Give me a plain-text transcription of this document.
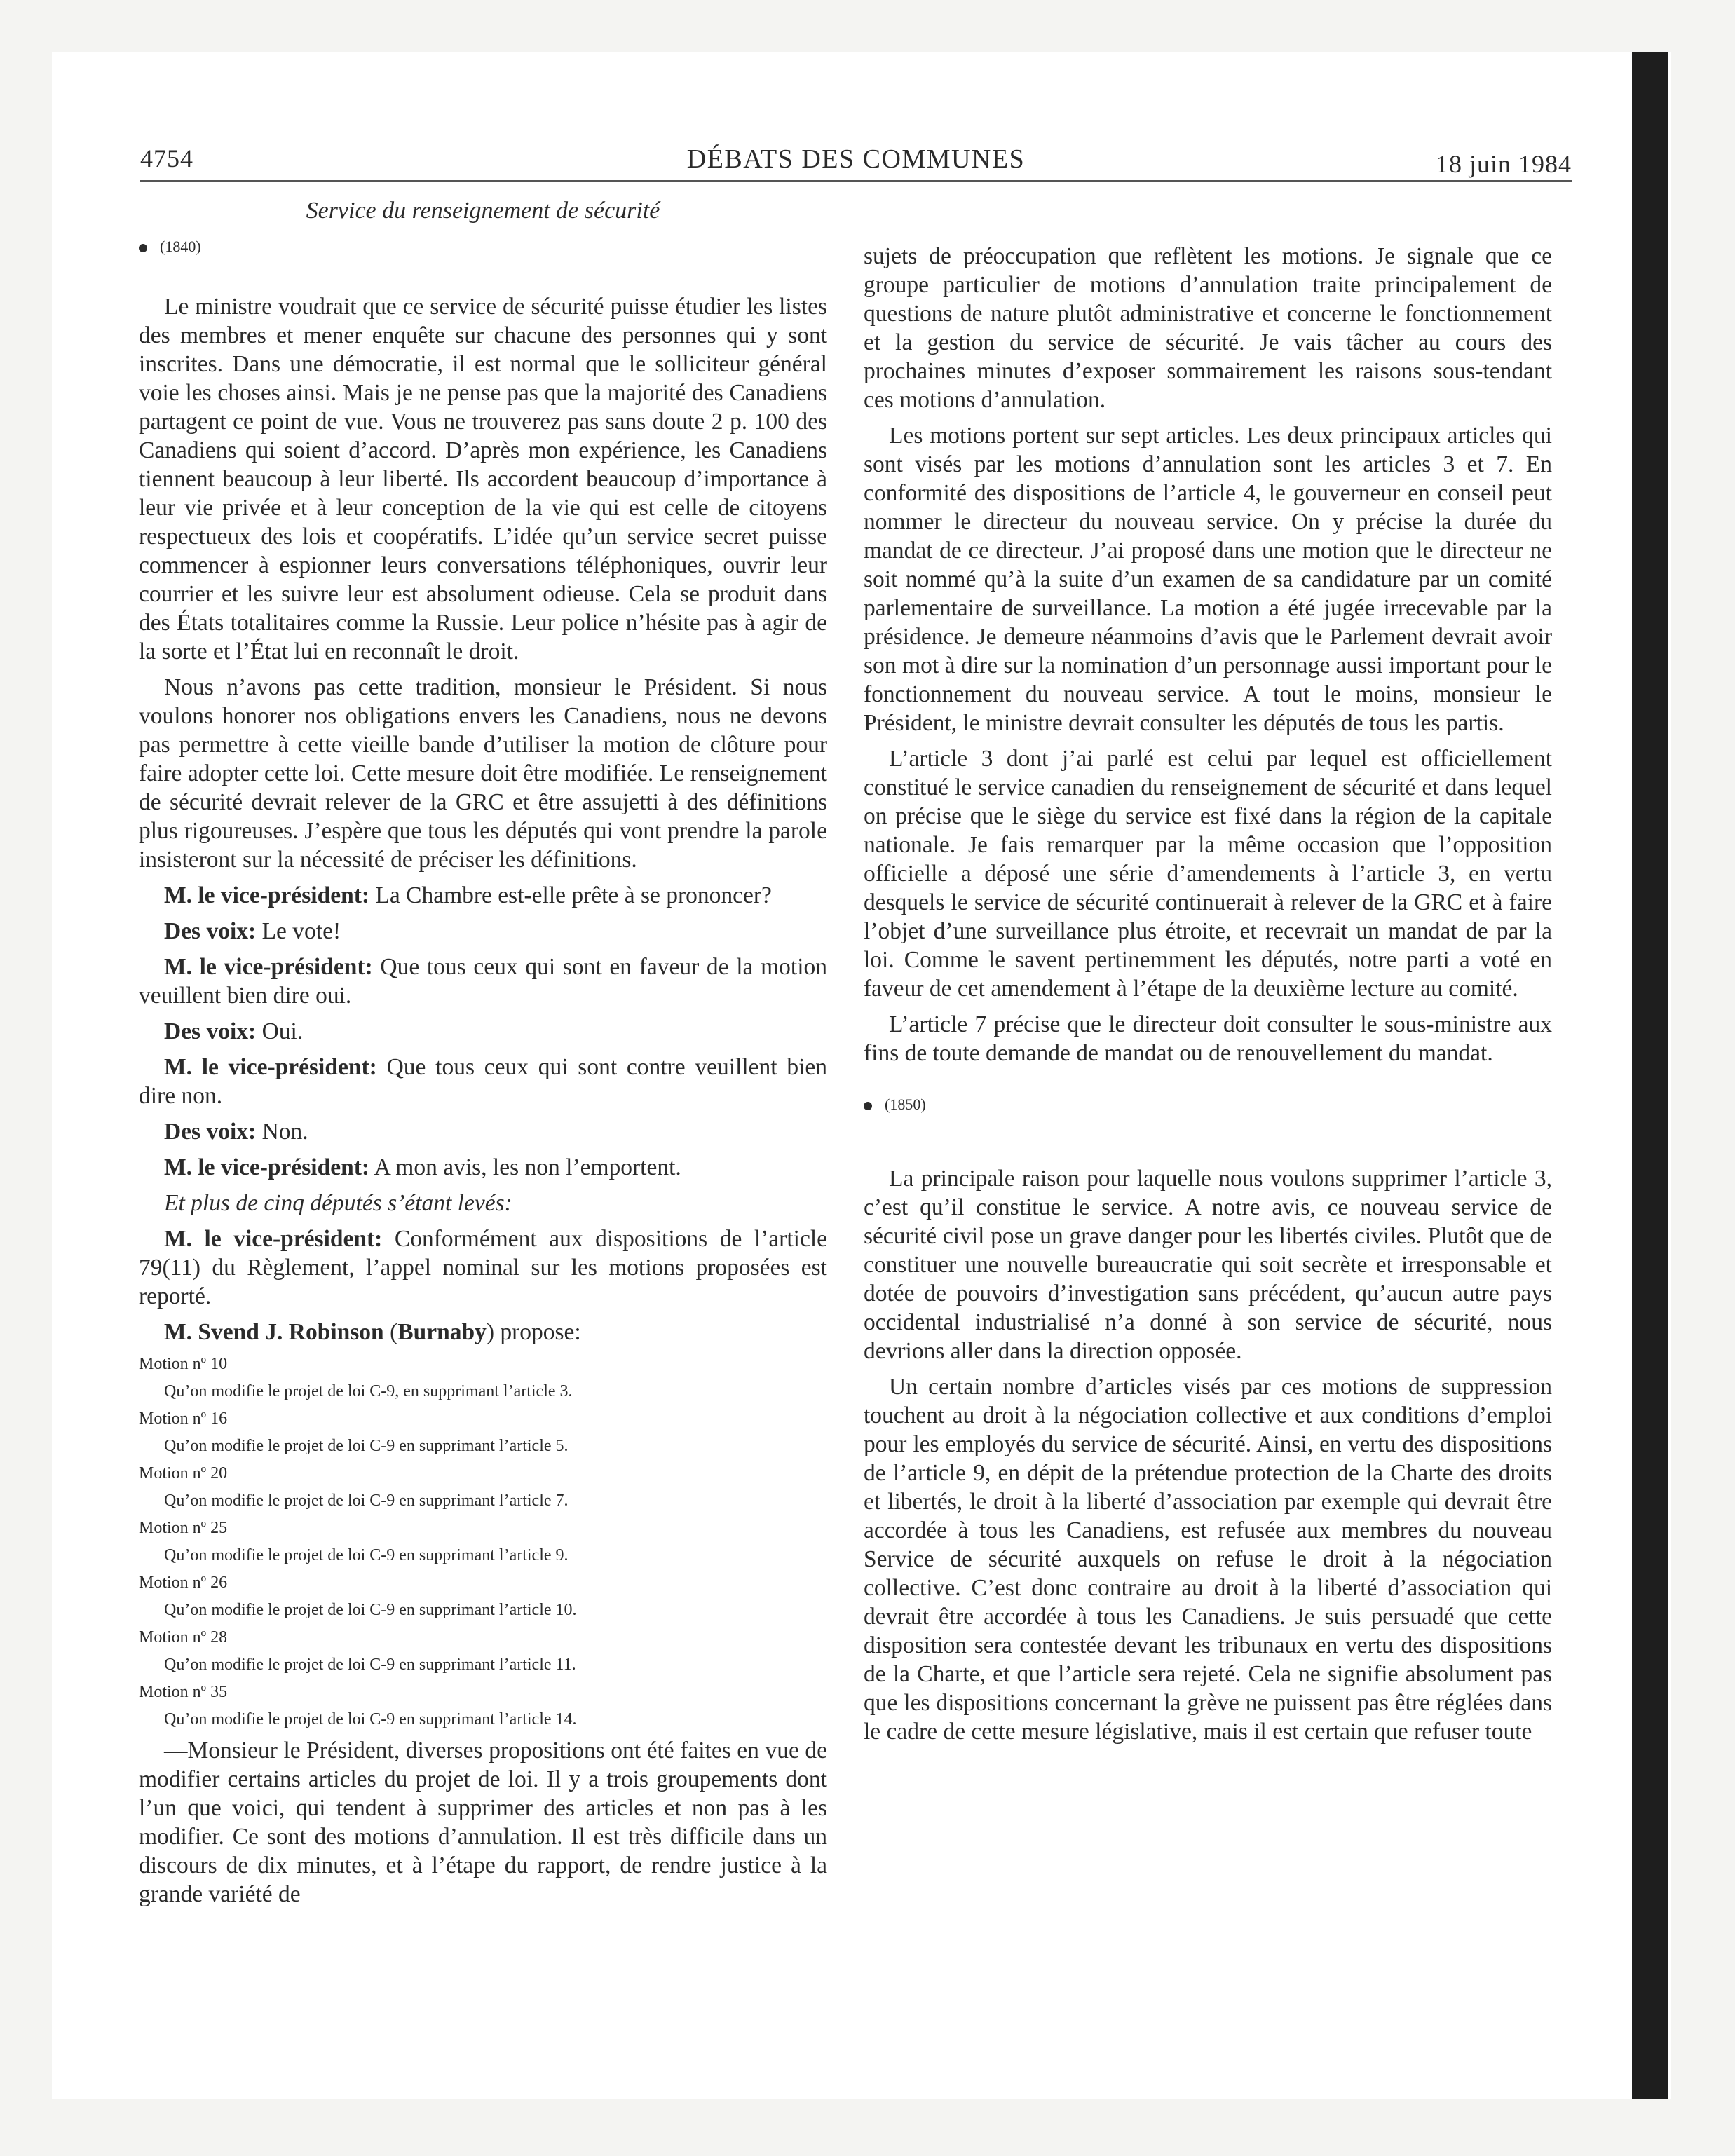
DÉBATS DES COMMUNES
4754	18 juin 1984
Service du renseignement de sécurité
(1840)

Le ministre voudrait que ce service de sécurité puisse étudier les listes des membres et mener enquête sur chacune des personnes qui y sont inscrites. Dans une démocratie, il est normal que le solliciteur général voie les choses ainsi. Mais je ne pense pas que la majorité des Canadiens partagent ce point de vue. Vous ne trouverez pas sans doute 2 p. 100 des Canadiens qui soient d’accord. D’après mon expérience, les Canadiens tiennent beaucoup à leur liberté. Ils accordent beaucoup d’importance à leur vie privée et à leur conception de la vie qui est celle de citoyens respectueux des lois et coopératifs. L’idée qu’un service secret puisse commencer à espionner leurs conversations téléphoniques, ouvrir leur courrier et les suivre leur est absolument odieuse. Cela se produit dans des États totalitaires comme la Russie. Leur police n’hésite pas à agir de la sorte et l’État lui en reconnaît le droit.

Nous n’avons pas cette tradition, monsieur le Président. Si nous voulons honorer nos obligations envers les Canadiens, nous ne devons pas permettre à cette vieille bande d’utiliser la motion de clôture pour faire adopter cette loi. Cette mesure doit être modifiée. Le renseignement de sécurité devrait relever de la GRC et être assujetti à des définitions plus rigoureuses. J’espère que tous les députés qui vont prendre la parole insisteront sur la nécessité de préciser les définitions.

M. le vice-président: La Chambre est-elle prête à se prononcer?

Des voix: Le vote!

M. le vice-président: Que tous ceux qui sont en faveur de la motion veuillent bien dire oui.

Des voix: Oui.

M. le vice-président: Que tous ceux qui sont contre veuillent bien dire non.

Des voix: Non.

M. le vice-président: A mon avis, les non l’emportent.

Et plus de cinq députés s’étant levés:

M. le vice-président: Conformément aux dispositions de l’article 79(11) du Règlement, l’appel nominal sur les motions proposées est reporté.

M. Svend J. Robinson (Burnaby) propose:

Motion nº 10
Qu’on modifie le projet de loi C-9, en supprimant l’article 3.
Motion nº 16
Qu’on modifie le projet de loi C-9 en supprimant l’article 5.
Motion nº 20
Qu’on modifie le projet de loi C-9 en supprimant l’article 7.
Motion nº 25
Qu’on modifie le projet de loi C-9 en supprimant l’article 9.
Motion nº 26
Qu’on modifie le projet de loi C-9 en supprimant l’article 10.
Motion nº 28
Qu’on modifie le projet de loi C-9 en supprimant l’article 11.
Motion nº 35
Qu’on modifie le projet de loi C-9 en supprimant l’article 14.

—Monsieur le Président, diverses propositions ont été faites en vue de modifier certains articles du projet de loi. Il y a trois groupements dont l’un que voici, qui tendent à supprimer des articles et non pas à les modifier. Ce sont des motions d’annulation. Il est très difficile dans un discours de dix minutes, et à l’étape du rapport, de rendre justice à la grande variété de

sujets de préoccupation que reflètent les motions. Je signale que ce groupe particulier de motions d’annulation traite principalement de questions de nature plutôt administrative et concerne le fonctionnement et la gestion du service de sécurité. Je vais tâcher au cours des prochaines minutes d’exposer sommairement les raisons sous-tendant ces motions d’annulation.

Les motions portent sur sept articles. Les deux principaux articles qui sont visés par les motions d’annulation sont les articles 3 et 7. En conformité des dispositions de l’article 4, le gouverneur en conseil peut nommer le directeur du nouveau service. On y précise la durée du mandat de ce directeur. J’ai proposé dans une motion que le directeur ne soit nommé qu’à la suite d’un examen de sa candidature par un comité parlementaire de surveillance. La motion a été jugée irrecevable par la présidence. Je demeure néanmoins d’avis que le Parlement devrait avoir son mot à dire sur la nomination d’un personnage aussi important pour le fonctionnement du nouveau service. A tout le moins, monsieur le Président, le ministre devrait consulter les députés de tous les partis.

L’article 3 dont j’ai parlé est celui par lequel est officiellement constitué le service canadien du renseignement de sécurité et dans lequel on précise que le siège du service est fixé dans la région de la capitale nationale. Je fais remarquer par la même occasion que l’opposition officielle a déposé une série d’amendements à l’article 3, en vertu desquels le service de sécurité continuerait à relever de la GRC et à faire l’objet d’une surveillance plus étroite, et recevrait un mandat de par la loi. Comme le savent pertinemment les députés, notre parti a voté en faveur de cet amendement à l’étape de la deuxième lecture au comité.

L’article 7 précise que le directeur doit consulter le sous-ministre aux fins de toute demande de mandat ou de renouvellement du mandat.

(1850)

La principale raison pour laquelle nous voulons supprimer l’article 3, c’est qu’il constitue le service. A notre avis, ce nouveau service de sécurité civil pose un grave danger pour les libertés civiles. Plutôt que de constituer une nouvelle bureaucratie qui soit secrète et irresponsable et dotée de pouvoirs d’investigation sans précédent, qu’aucun autre pays occidental industrialisé n’a donné à son service de sécurité, nous devrions aller dans la direction opposée.

Un certain nombre d’articles visés par ces motions de suppression touchent au droit à la négociation collective et aux conditions d’emploi pour les employés du service de sécurité. Ainsi, en vertu des dispositions de l’article 9, en dépit de la prétendue protection de la Charte des droits et libertés, le droit à la liberté d’association par exemple qui devrait être accordée à tous les Canadiens, est refusée aux membres du nouveau Service de sécurité auxquels on refuse le droit à la négociation collective. C’est donc contraire au droit à la liberté d’association qui devrait être accordée à tous les Canadiens. Je suis persuadé que cette disposition sera contestée devant les tribunaux en vertu des dispositions de la Charte, et que l’article sera rejeté. Cela ne signifie absolument pas que les dispositions concernant la grève ne puissent pas être réglées dans le cadre de cette mesure législative, mais il est certain que refuser toute
